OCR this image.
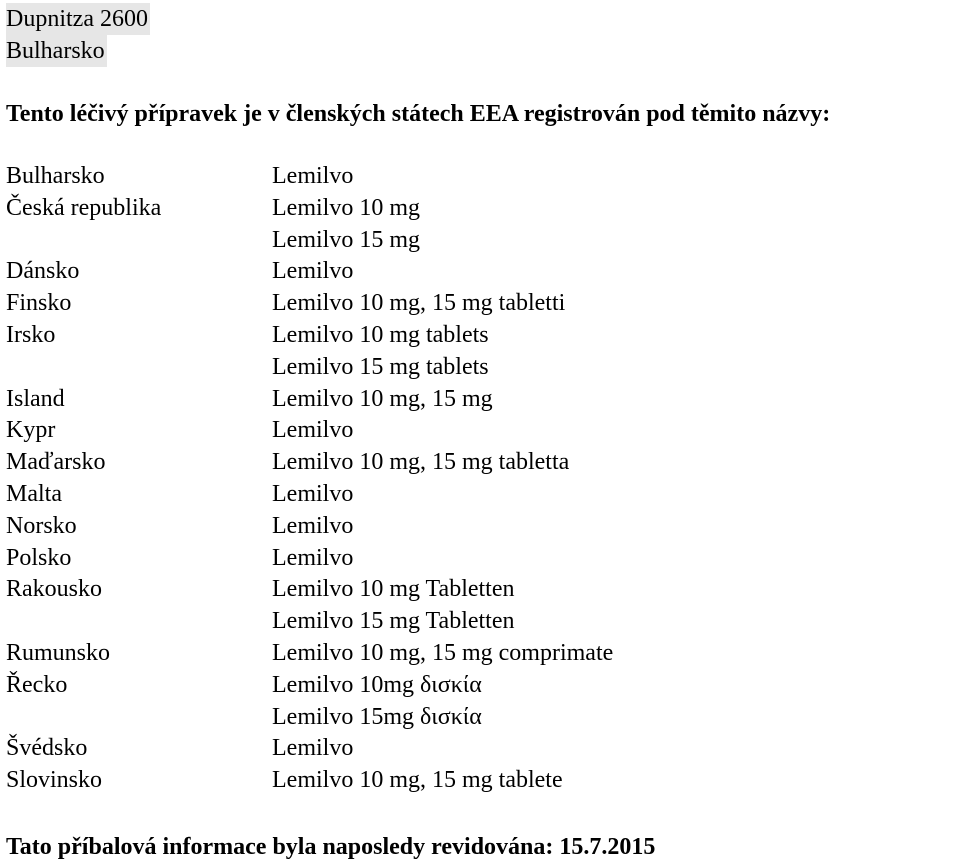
Dupnitza 2600
Bulharsko
Tento léčivý přípravek je v členských státech EEA registrován pod těmito názvy:
Bulharsko	Lemilvo
Česká republika	Lemilvo 10 mg
	Lemilvo 15 mg
Dánsko	Lemilvo
Finsko	Lemilvo 10 mg, 15 mg tabletti
Irsko	Lemilvo 10 mg tablets
	Lemilvo 15 mg tablets
Island	Lemilvo 10 mg, 15 mg
Kypr	Lemilvo
Maďarsko	Lemilvo 10 mg, 15 mg tabletta
Malta	Lemilvo
Norsko	Lemilvo
Polsko	Lemilvo
Rakousko	Lemilvo 10 mg Tabletten
	Lemilvo 15 mg Tabletten
Rumunsko	Lemilvo 10 mg, 15 mg comprimate
Řecko	Lemilvo 10mg δισκία
	Lemilvo 15mg δισκία
Švédsko	Lemilvo
Slovinsko	Lemilvo 10 mg, 15 mg tablete
Tato příbalová informace byla naposledy revidována: 15.7.2015
